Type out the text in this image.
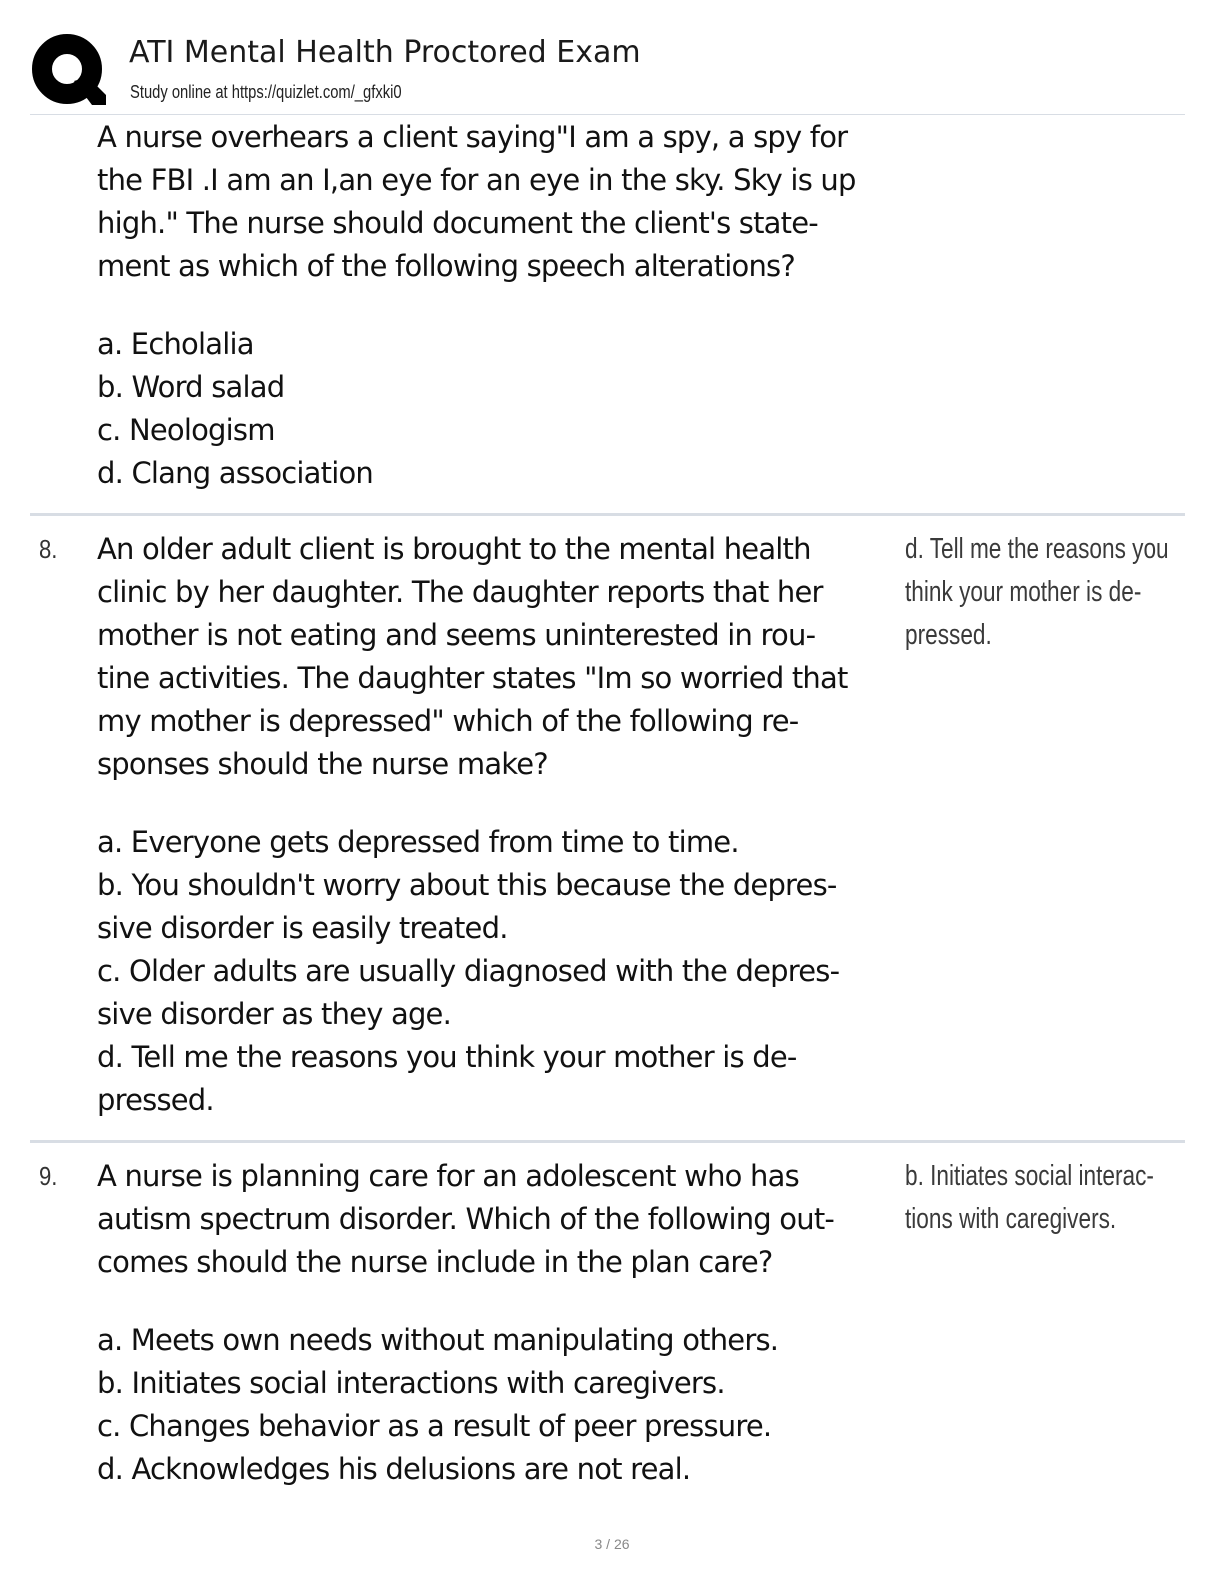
ATI Mental Health Proctored Exam
Study online at https://quizlet.com/_gfxki0
A nurse overhears a client saying"I am a spy, a spy for
the FBI .I am an I,an eye for an eye in the sky. Sky is up
high." The nurse should document the client's state-
ment as which of the following speech alterations?
a. Echolalia
b. Word salad
c. Neologism
d. Clang association
8. An older adult client is brought to the mental health
clinic by her daughter. The daughter reports that her
mother is not eating and seems uninterested in rou-
tine activities. The daughter states "Im so worried that
my mother is depressed" which of the following re-
sponses should the nurse make?
a. Everyone gets depressed from time to time.
b. You shouldn't worry about this because the depres-
sive disorder is easily treated.
c. Older adults are usually diagnosed with the depres-
sive disorder as they age.
d. Tell me the reasons you think your mother is de-
pressed.
d. Tell me the reasons you
think your mother is de-
pressed.
9. A nurse is planning care for an adolescent who has
autism spectrum disorder. Which of the following out-
comes should the nurse include in the plan care?
a. Meets own needs without manipulating others.
b. Initiates social interactions with caregivers.
c. Changes behavior as a result of peer pressure.
d. Acknowledges his delusions are not real.
b. Initiates social interac-
tions with caregivers.
3 / 26
